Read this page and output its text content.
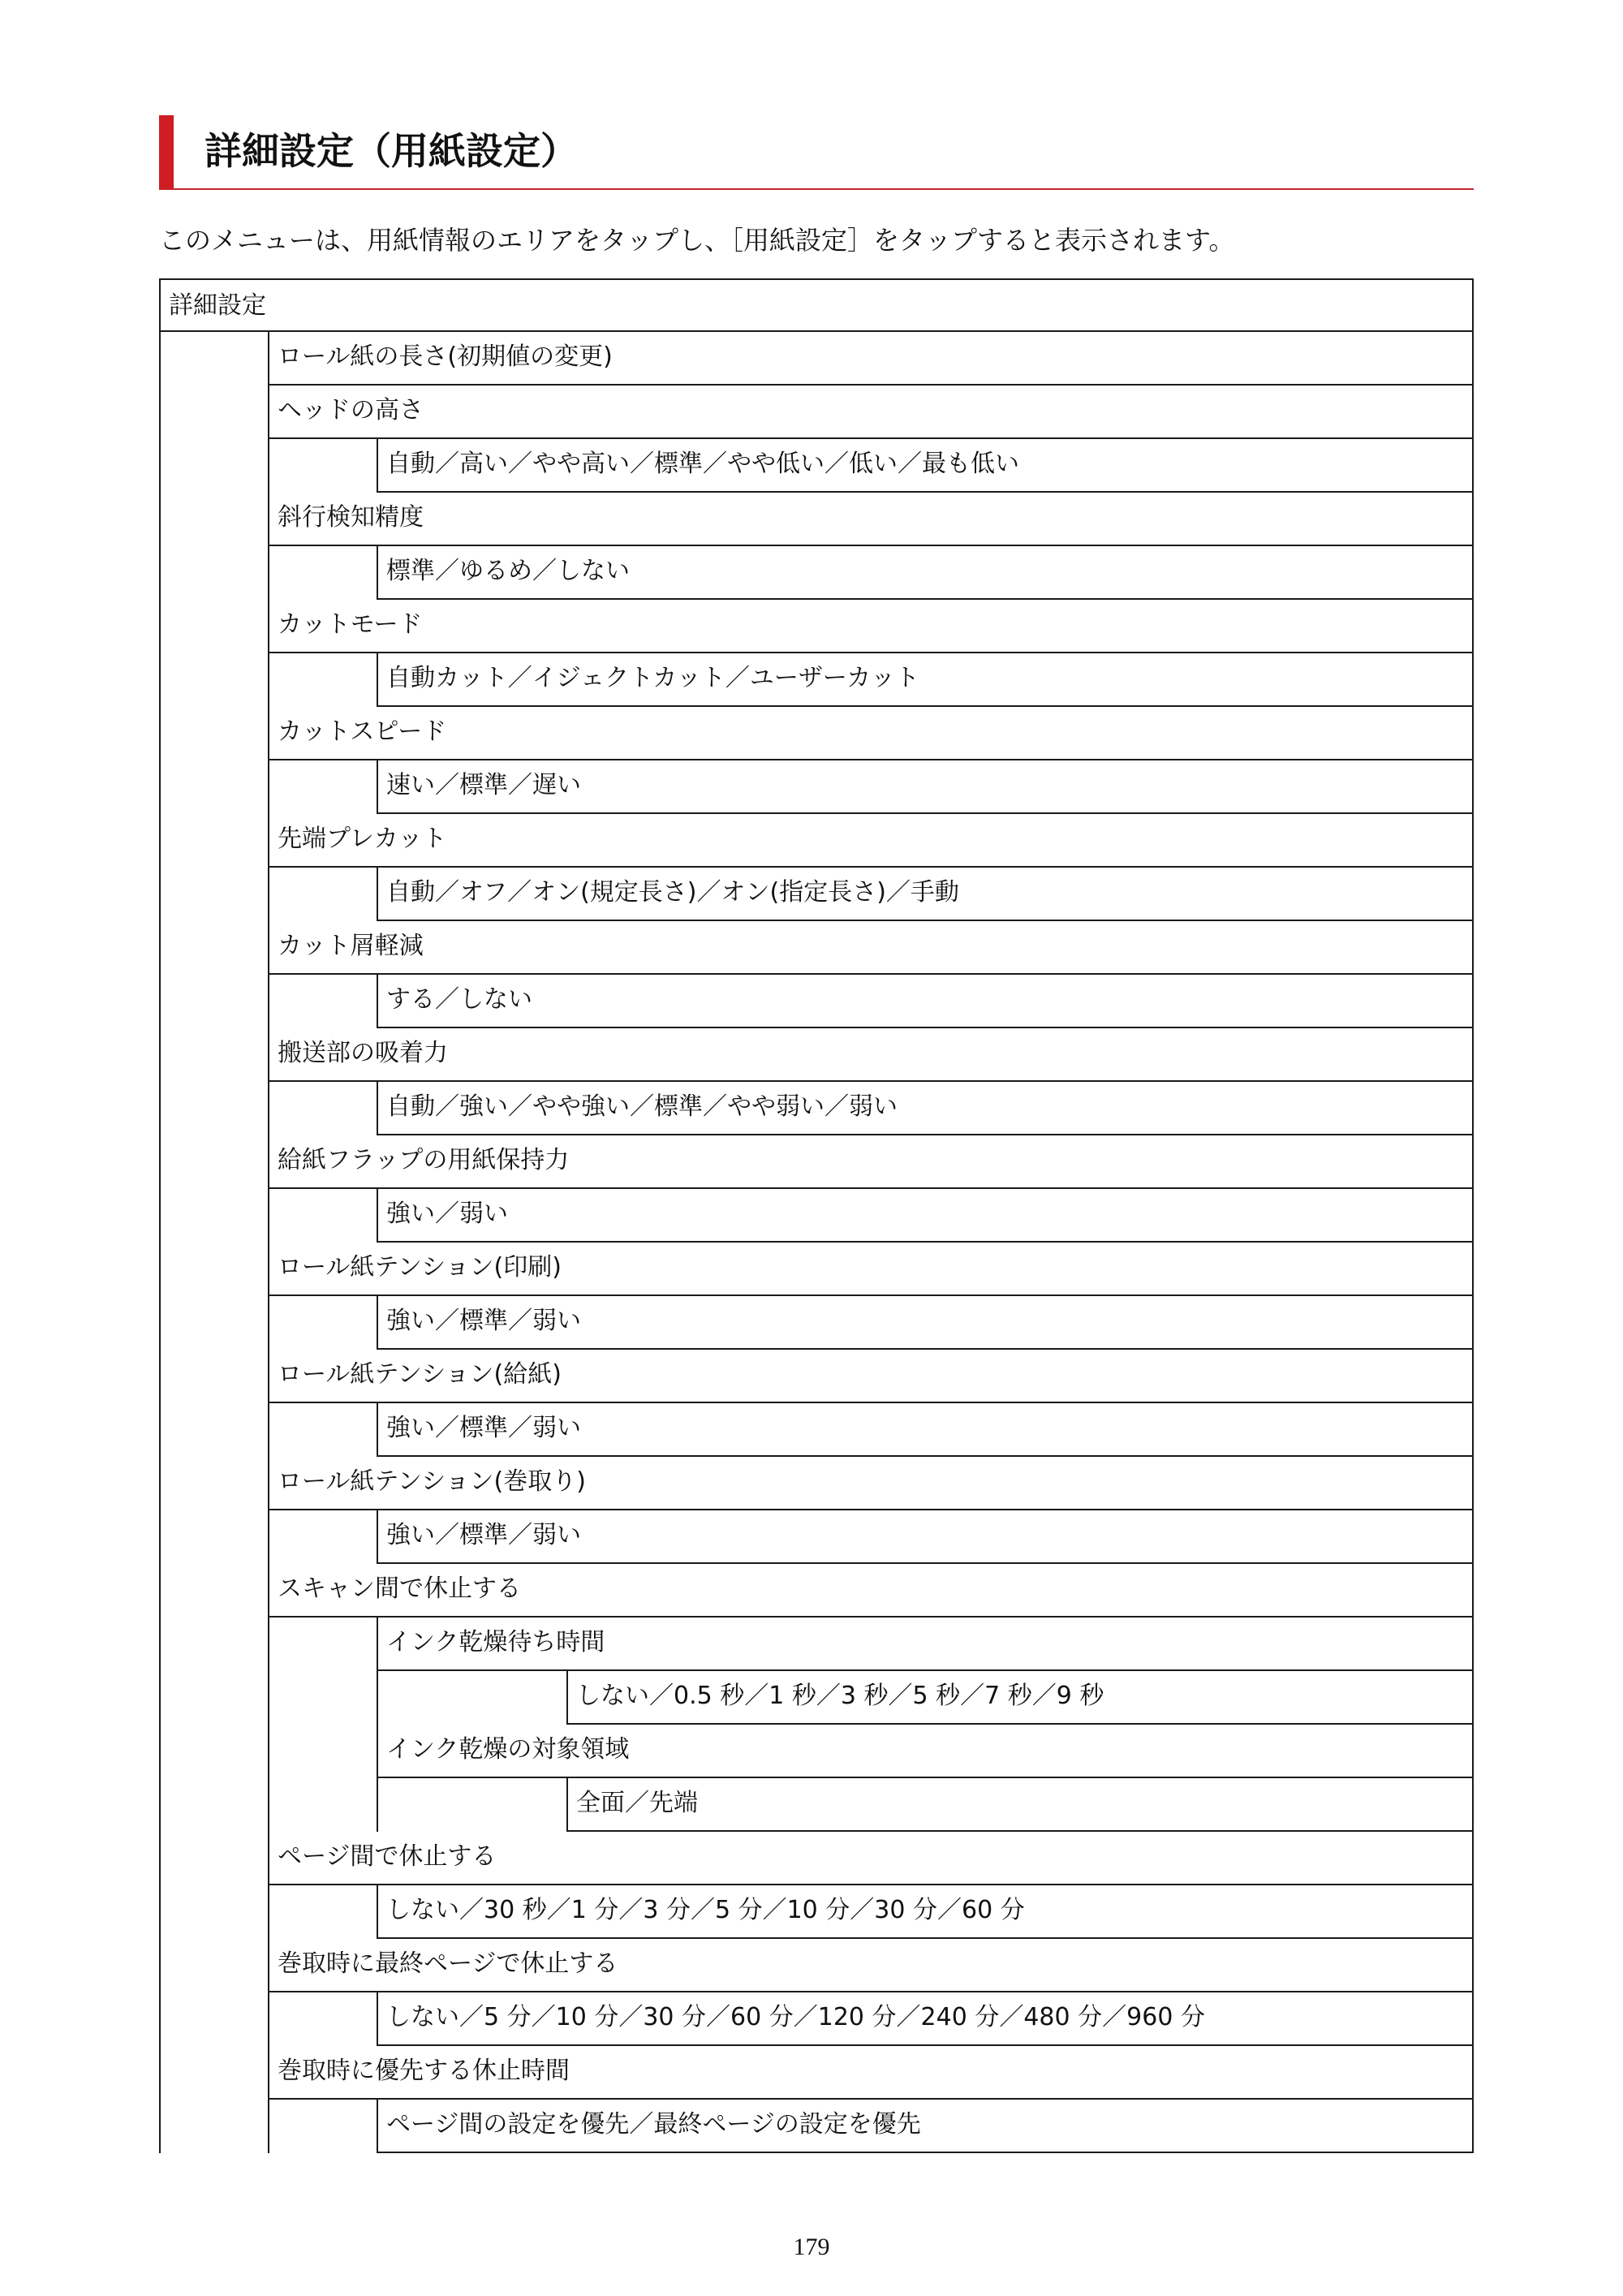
詳細設定（用紙設定）
このメニューは、用紙情報のエリアをタップし、［用紙設定］をタップすると表示されます。
詳細設定
ロール紙の長さ(初期値の変更)
ヘッドの高さ
自動／高い／やや高い／標準／やや低い／低い／最も低い
斜行検知精度
標準／ゆるめ／しない
カットモード
自動カット／イジェクトカット／ユーザーカット
カットスピード
速い／標準／遅い
先端プレカット
自動／オフ／オン(規定長さ)／オン(指定長さ)／手動
カット屑軽減
する／しない
搬送部の吸着力
自動／強い／やや強い／標準／やや弱い／弱い
給紙フラップの用紙保持力
強い／弱い
ロール紙テンション(印刷)
強い／標準／弱い
ロール紙テンション(給紙)
強い／標準／弱い
ロール紙テンション(巻取り)
強い／標準／弱い
スキャン間で休止する
インク乾燥待ち時間
しない／0.5 秒／1 秒／3 秒／5 秒／7 秒／9 秒
インク乾燥の対象領域
全面／先端
ページ間で休止する
しない／30 秒／1 分／3 分／5 分／10 分／30 分／60 分
巻取時に最終ページで休止する
しない／5 分／10 分／30 分／60 分／120 分／240 分／480 分／960 分
巻取時に優先する休止時間
ページ間の設定を優先／最終ページの設定を優先
179
